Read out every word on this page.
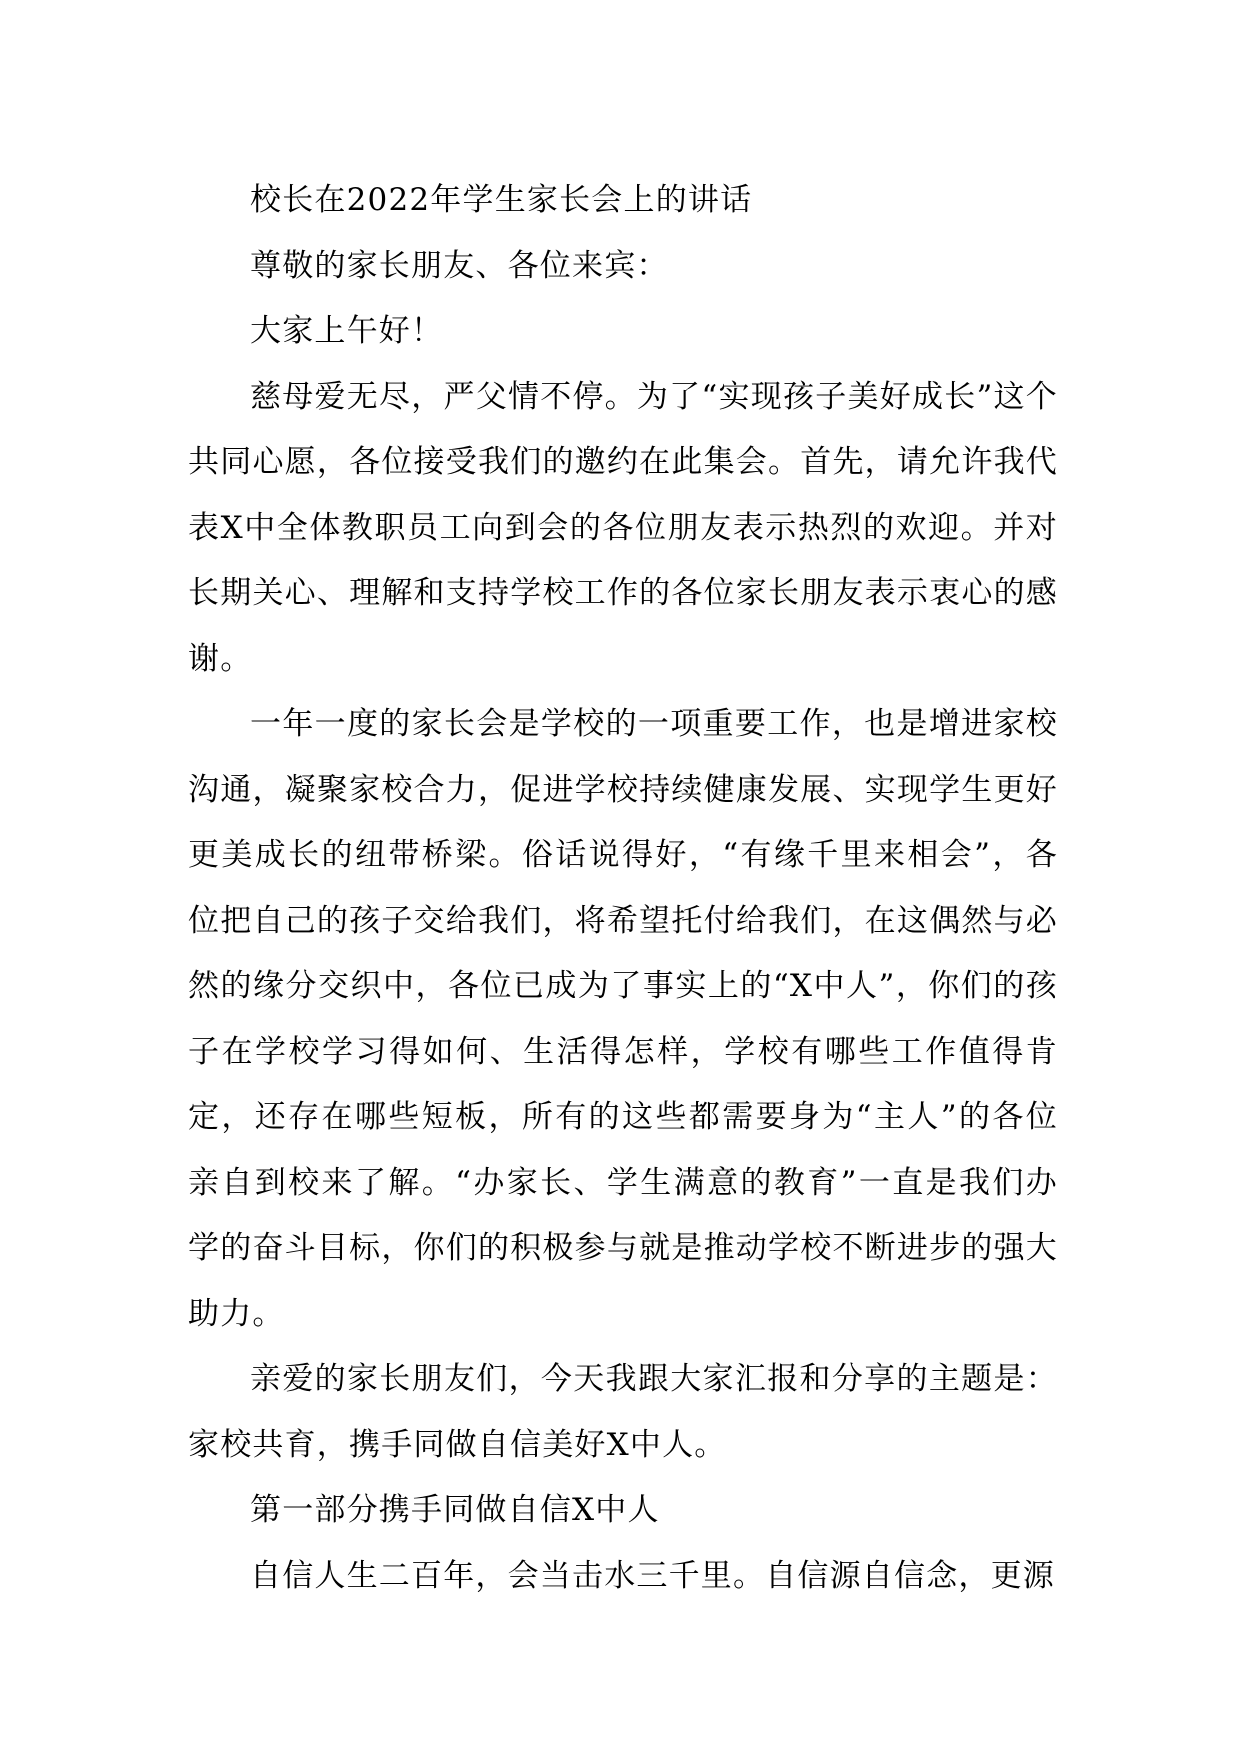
校长在2022年学生家长会上的讲话

尊敬的家长朋友、各位来宾：

大家上午好！

慈母爱无尽，严父情不停。为了“实现孩子美好成长”这个共同心愿，各位接受我们的邀约在此集会。首先，请允许我代表X中全体教职员工向到会的各位朋友表示热烈的欢迎。并对长期关心、理解和支持学校工作的各位家长朋友表示衷心的感谢。

一年一度的家长会是学校的一项重要工作，也是增进家校沟通，凝聚家校合力，促进学校持续健康发展、实现学生更好更美成长的纽带桥梁。俗话说得好，“有缘千里来相会”，各位把自己的孩子交给我们，将希望托付给我们，在这偶然与必然的缘分交织中，各位已成为了事实上的“X中人”，你们的孩子在学校学习得如何、生活得怎样，学校有哪些工作值得肯定，还存在哪些短板，所有的这些都需要身为“主人”的各位亲自到校来了解。“办家长、学生满意的教育”一直是我们办学的奋斗目标，你们的积极参与就是推动学校不断进步的强大助力。

亲爱的家长朋友们，今天我跟大家汇报和分享的主题是：家校共育，携手同做自信美好X中人。

第一部分携手同做自信X中人

自信人生二百年，会当击水三千里。自信源自信念，更源
